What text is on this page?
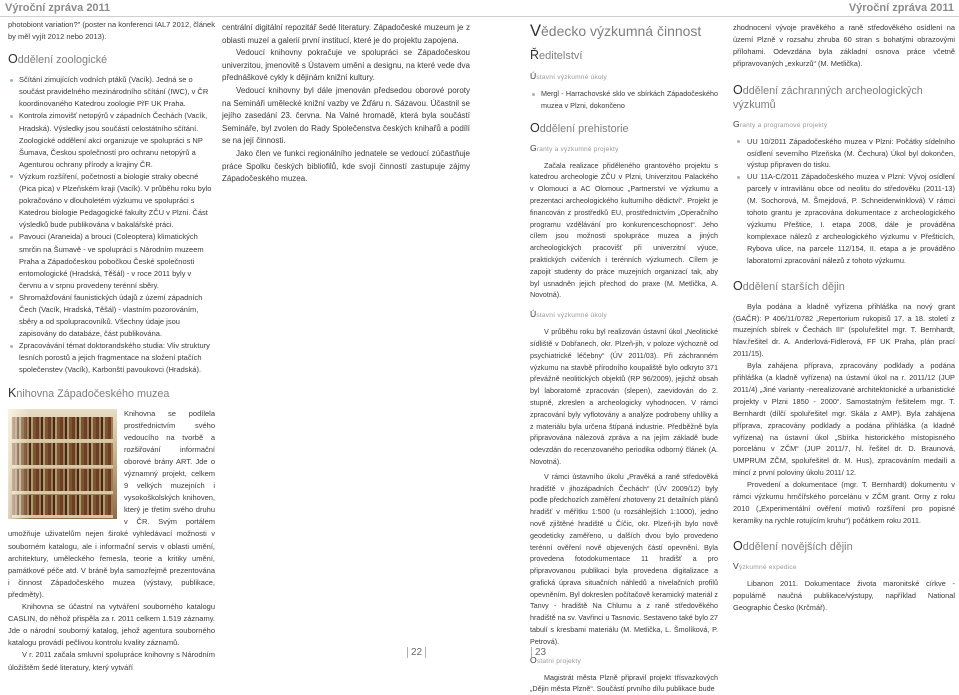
Výroční zpráva 2011	Výroční zpráva 2011

photobiont variation?" (poster na konferenci IAL7 2012, článek by měl vyjít 2012 nebo 2013).

Oddělení zoologické
Sčítání zimujících vodních ptáků (Vacík). Jedná se o součást pravidelného mezinárodního sčítání (IWC), v ČR koordinovaného Katedrou zoologie PřF UK Praha.
Kontrola zimovišť netopýrů v západních Čechách (Vacík, Hradská). Výsledky jsou součástí celostátního sčítání. Zoologické oddělení akci organizuje ve spolupráci s NP Šumava, Českou společností pro ochranu netopýrů a Agenturou ochrany přírody a krajiny ČR.
Výzkum rozšíření, početnosti a biologie straky obecné (Pica pica) v Plzeňském kraji (Vacík). V průběhu roku bylo pokračováno v dlouholetém výzkumu ve spolupráci s Katedrou biologie Pedagogické fakulty ZČU v Plzni. Část výsledků bude publikována v bakalářské práci.
Pavouci (Araneida) a brouci (Coleoptera) klimatických smrčin na Šumavě - ve spolupráci s Národním muzeem Praha a Západočeskou pobočkou České společnosti entomologické (Hradská, Těšál) - v roce 2011 byly v červnu a v srpnu provedeny terénní sběry.
Shromažďování faunistických údajů z území západních Čech (Vacík, Hradská, Těšál) - vlastním pozorováním, sběry a od spolupracovníků. Všechny údaje jsou zapisovány do databáze, část publikována.
Zpracovávání témat doktorandského studia: Vliv struktury lesních porostů a jejich fragmentace na složení ptačích společenstev (Vacík), Karbonští pavoukovci (Hradská).
Knihovna Západočeského muzea

Knihovna se podílela prostřednictvím svého vedoucího na tvorbě a rozšiřování informační oborové brány ART. Jde o významný projekt, celkem 9 velkých muzejních i vysokoškolských knihoven, který je třetím svého druhu v ČR. Svým portálem umožňuje uživatelům nejen široké vyhledávací možnosti v souborném katalogu, ale i informační servis v oblasti umění, architektury, uměleckého řemesla, teorie a kritiky umění, památkové péče atd. V bráně byla samozřejmě prezentována i činnost Západočeského muzea (výstavy, publikace, předměty).

Knihovna se účastní na vytváření souborného katalogu CASLIN, do něhož přispěla za r. 2011 celkem 1.519 záznamy. Jde o národní souborný katalog, jehož agentura souborného katalogu provádí pečlivou kontrolu kvality záznamů.

V r. 2011 začala smluvní spolupráce knihovny s Národním úložištěm šedé literatury, který vytváří

centrální digitální repozitář šedé literatury. Západočeské muzeum je z oblasti muzeí a galerií první institucí, které je do projektu zapojena.

Vedoucí knihovny pokračuje ve spolupráci se Západočeskou univerzitou, jmenovitě s Ústavem umění a designu, na které vede dva přednáškové cykly k dějinám knižní kultury.

Vedoucí knihovny byl dále jmenován předsedou oborové poroty na Semináři umělecké knižní vazby ve Žďáru n. Sázavou. Účastnil se jejího zasedání 23. června. Na Valné hromadě, která byla součástí Semináře, byl zvolen do Rady Společenstva českých knihařů a podílí se na její činnosti.

Jako člen ve funkci regionálního jednatele se vedoucí zúčastňuje práce Spolku českých bibliofilů, kde svojí činností zastupuje zájmy Západočeského muzea.

22
Vědecko výzkumná činnost
Ředitelství
Ústavní výzkumné úkoly
Mergl - Harrachovské sklo ve sbírkách Západočeského muzea v Plzni, dokončeno
Oddělení prehistorie
Granty a výzkumné projekty

Začala realizace přiděleného grantového projektu s katedrou archeologie ZČU v Plzni, Univerzitou Palackého v Olomouci a AC Olomouc „Partnerství ve výzkumu a prezentaci archeologického kulturního dědictví“. Projekt je financován z prostředků EU, prostřednictvím „Operačního programu vzdělávání pro konkurenceschopnost“. Jeho cílem jsou možnosti spolupráce muzea a jiných archeologických pracovišť při univerzitní výuce, praktických cvičeních i terénních výzkumech. Cílem je zapojit studenty do práce muzejních organizací tak, aby byl usnadněn jejich přechod do praxe (M. Metlička, A. Novotná).

Ústavní výzkumné úkoly

V průběhu roku byl realizován ústavní úkol „Neolitické sídliště v Dobřanech, okr. Plzeň-jih, v poloze výchozně od psychiatrické léčebny“ (ÚV 2011/03). Při záchranném výzkumu na stavbě přírodního koupaliště bylo odkryto 371 převážně neolitických objektů (RP 96/2009), jejichž obsah byl laboratorně zpracován (slepen), zaevidován do 2. stupně, zkreslen a archeologicky vyhodnocen. V rámci zpracování byly vyflotovány a analýze podrobeny uhlíky a z materiálu byla určena štípaná industrie. Předběžně byla připravována nálezová zpráva a na jejím základě bude odevzdán do recenzovaného periodika odborný článek (A. Novotná).

V rámci ústavního úkolu „Pravěká a raně středověká hradiště v jihozápadních Čechách“ (ÚV 2009/12) byly podle předchozích zaměření zhotoveny 21 detailních plánů hradišť v měřítku 1:500 (u rozsáhlejších 1:1000), jedno nově zjištěné hradiště u Číčic, okr. Plzeň-jih bylo nově geodeticky zaměřeno, u dalších dvou bylo provedeno terénní ověření nově objevených částí opevnění. Byla provedena fotodokumentace 11 hradišť a pro připravovanou publikaci byla provedena digitalizace a grafická úprava situačních náhledů a nivelačních profilů opevněním. Byl dokreslen počítačově keramický materiál z Tanvy - hradiště Na Chlumu a z raně středověkého hradiště na sv. Vavřinci u Tasnovic. Sestaveno také bylo 27 tabulí s kresbami materiálu (M. Metlička, L. Šmolíková, P. Petrová).

Ostatní projekty

Magistrát města Plzně připravil projekt třísvazkových „Dějin města Plzně“. Součástí prvního dílu publikace bude

23

zhodnocení vývoje pravěkého a raně středověkého osídlení na území Plzně v rozsahu zhruba 60 stran s bohatými obrazovými přílohami. Odevzdána byla základní osnova práce včetně připravovaných „exkurzů“ (M. Metlička).

Oddělení záchranných archeologických výzkumů
Granty a programové projekty
UU 10/2011 Západočeského muzea v Plzni: Počátky sídelního osídlení severního Plzeňska (M. Čechura) Úkol byl dokončen, výstup připraven do tisku.
UU 11A-C/2011 Západočeského muzea v Plzni: Vývoj osídlení parcely v intravilánu obce od neolitu do středověku (2011-13) (M. Sochorová, M. Šmejdová, P. Schneiderwinklová) V rámci tohoto grantu je zpracována dokumentace z archeologického výzkumu Přeštice, I. etapa 2008, dále je prováděna komplexace nálezů z archeologického výzkumu v Přešticích, Rybova ulice, na parcele 112/154, II. etapa a je prováděno laboratorní zpracování nálezů z tohoto výzkumu.
Oddělení starších dějin

Byla podána a kladně vyřízena přihláška na nový grant (GAČR): P 406/11/0782 „Repertorium rukopisů 17. a 18. století z muzejních sbírek v Čechách III“ (spoluřešitel mgr. T. Bernhardt, hlav.řešitel dr. A. Anderlová-Fidlerová, FF UK Praha, plán prací 2011/15).

Byla zahájena příprava, zpracovány podklady a podána přihláška (a kladně vyřízena) na ústavní úkol na r. 2011/12 (JUP 2011/4) „Jiné varianty -nerealizované architektonické a urbanistické projekty v Plzni 1850 - 2000“. Samostatným řešitelem mgr. T. Bernhardt (dílčí spoluřešitel mgr. Skála z AMP). Byla zahájena příprava, zpracovány podklady a podána přihláška (a kladně vyřízena) na ústavní úkol „Sbírka historického místopisného porcelánu v ZČM“ (JUP 2011/7, hl. řešitel dr. D. Braunová, UMPRUM ZČM, spoluřešitel dr. M. Hus), zpracováním medailí a mincí z první poloviny úkolu 2011/ 12.

Provedení a dokumentace (mgr. T. Bernhardt) dokumentu v rámci výzkumu hrnčířského porcelánu v ZČM grant. Orny z roku 2010 („Experimentální ověření motivů rozšíření pro popisné keramiky na rychle rotujícím kruhu“) počátkem roku 2011.

Oddělení novějších dějin
Výzkumné expedice

Libanon 2011. Dokumentace života maronitské církve - populárně naučná publikace/výstupy, například National Geographic Česko (Krčmář).
